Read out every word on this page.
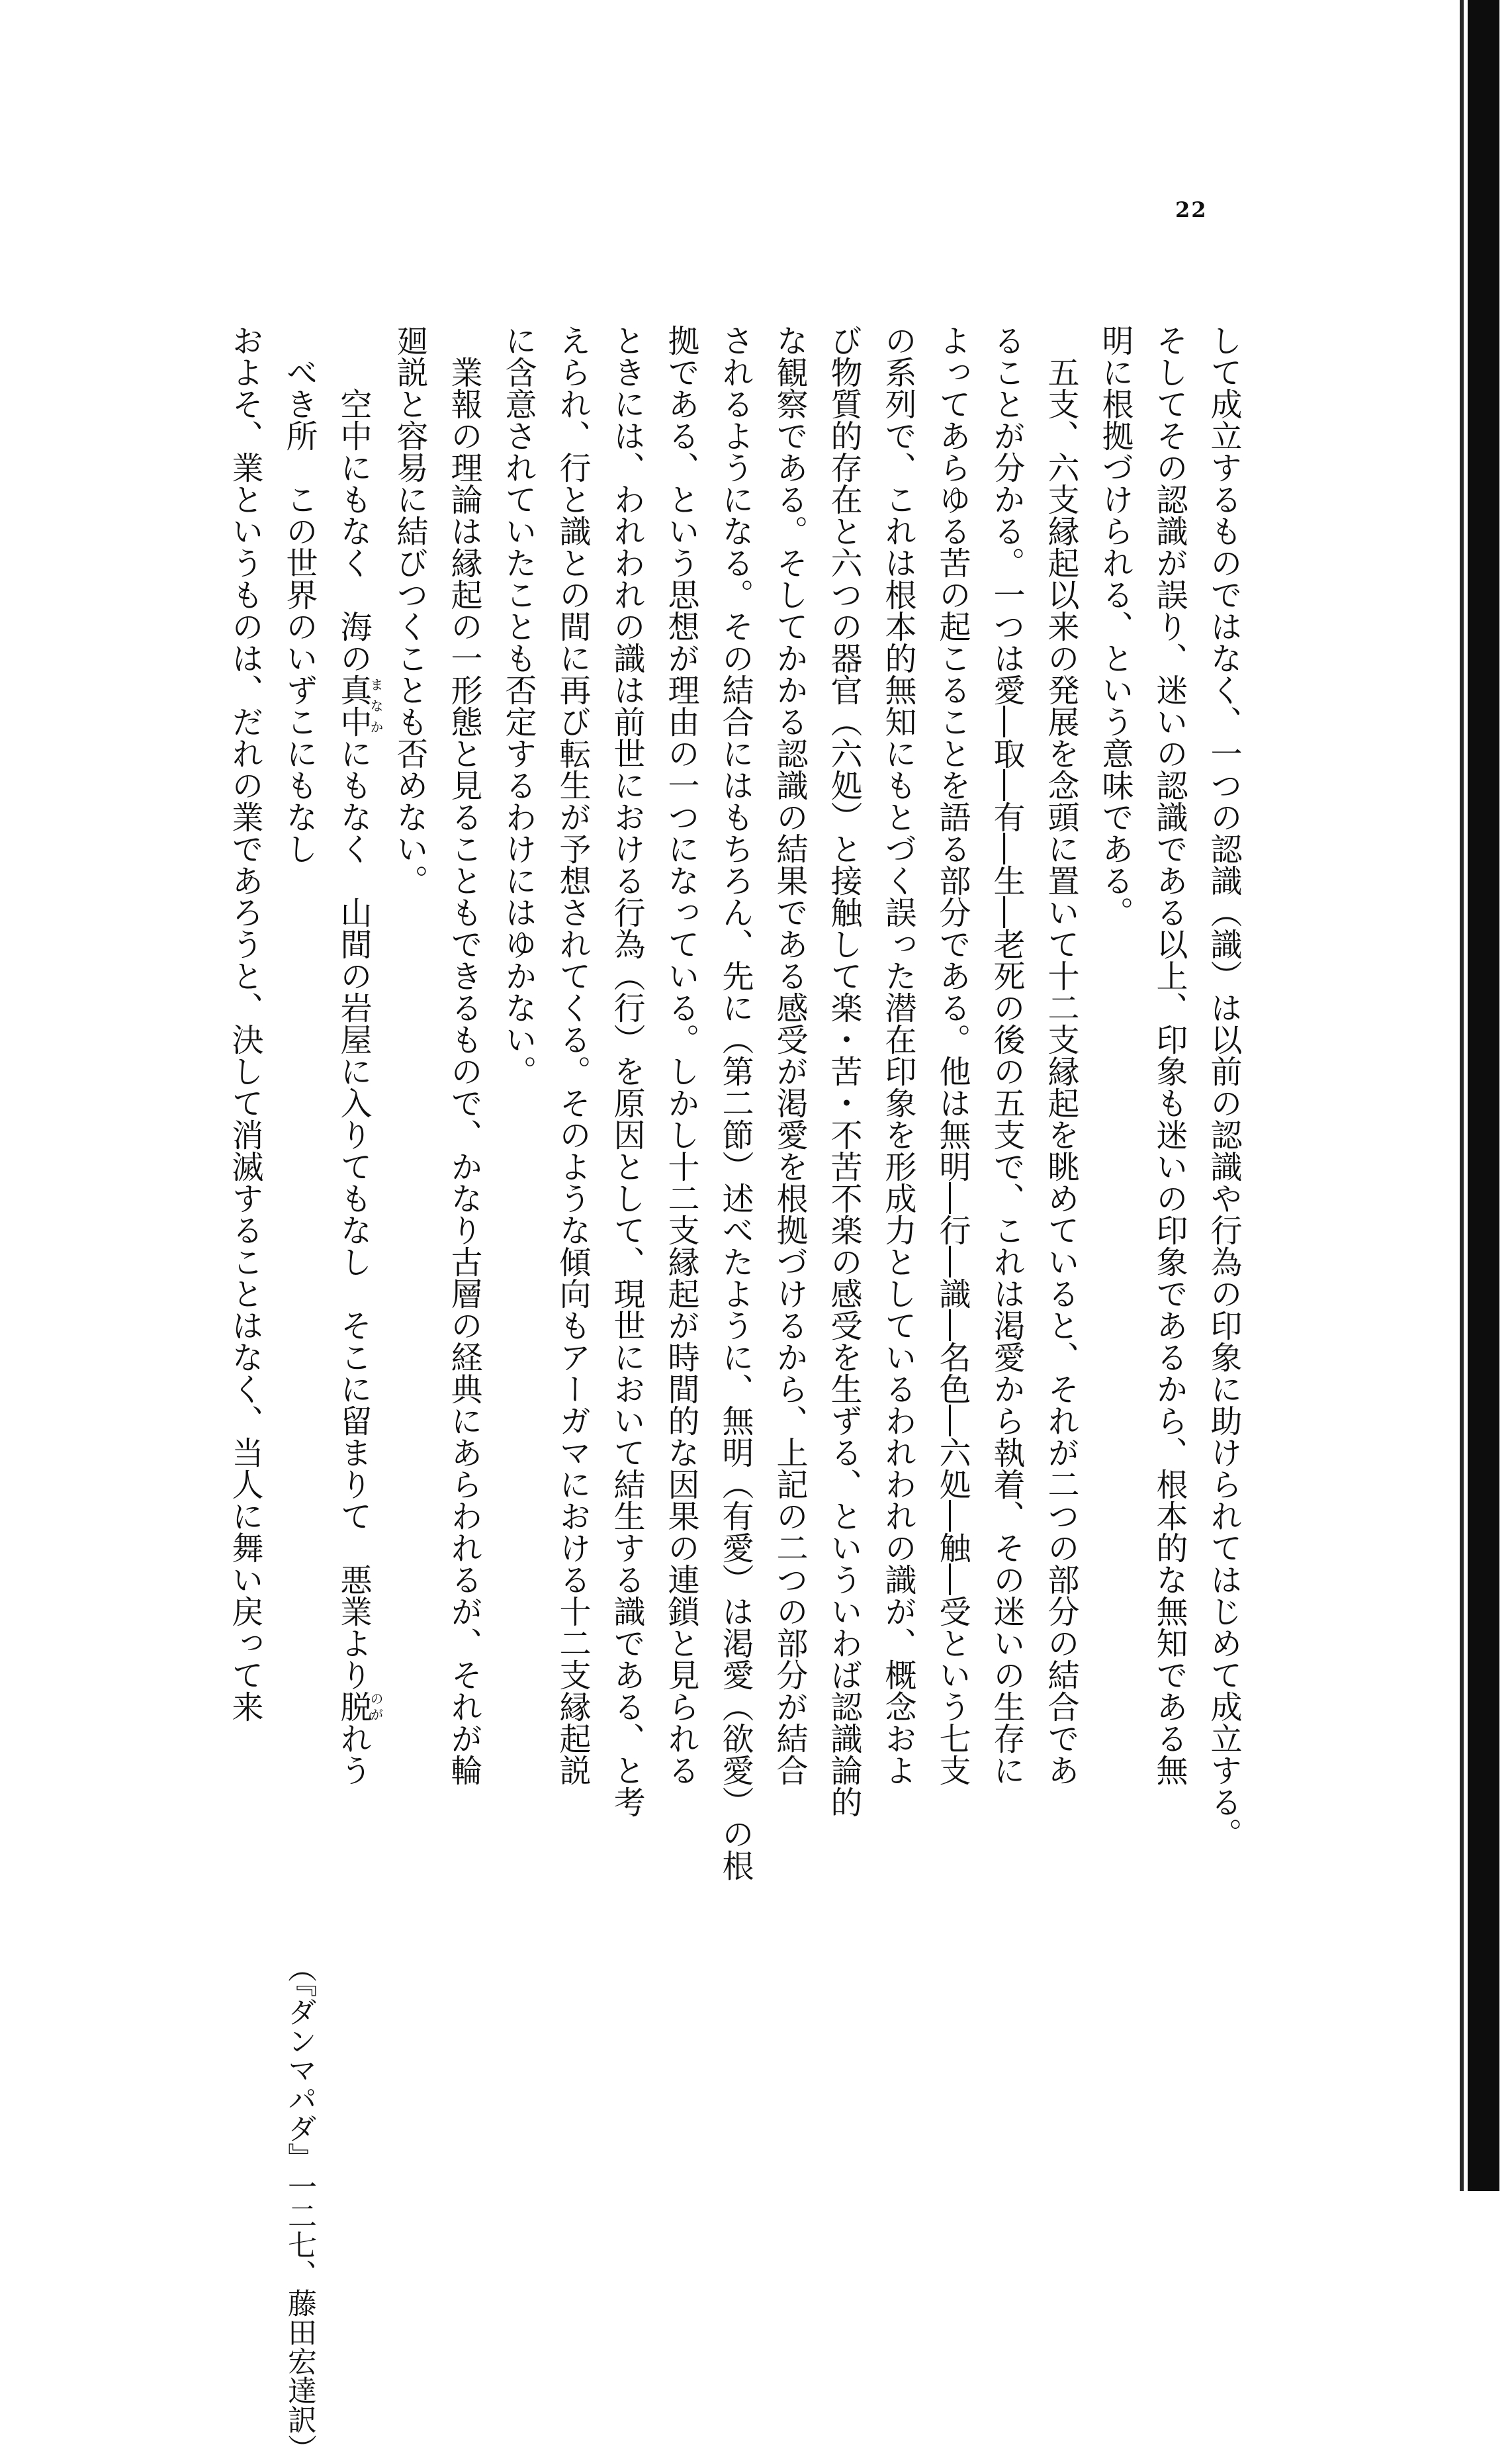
22
して成立するものではなく、一つの認識（識）は以前の認識や行為の印象に助けられてはじめて成立する。
そしてその認識が誤り、迷いの認識である以上、印象も迷いの印象であるから、根本的な無知である無
明に根拠づけられる、という意味である。
五支、六支縁起以来の発展を念頭に置いて十二支縁起を眺めていると、それが二つの部分の結合であ
ることが分かる。一つは愛―取―有―生―老死の後の五支で、これは渇愛から執着、その迷いの生存に
よってあらゆる苦の起こることを語る部分である。他は無明―行―識―名色―六処―触―受という七支
の系列で、これは根本的無知にもとづく誤った潜在印象を形成力としているわれわれの識が、概念およ
び物質的存在と六つの器官（六処）と接触して楽・苦・不苦不楽の感受を生ずる、といういわば認識論的
な観察である。そしてかかる認識の結果である感受が渇愛を根拠づけるから、上記の二つの部分が結合
されるようになる。その結合にはもちろん、先に（第二節）述べたように、無明（有愛）は渇愛（欲愛）の根
拠である、という思想が理由の一つになっている。しかし十二支縁起が時間的な因果の連鎖と見られる
ときには、われわれの識は前世における行為（行）を原因として、現世において結生する識である、と考
えられ、行と識との間に再び転生が予想されてくる。そのような傾向もアーガマにおける十二支縁起説
に含意されていたことも否定するわけにはゆかない。
業報の理論は縁起の一形態と見ることもできるもので、かなり古層の経典にあらわれるが、それが輪
廻説と容易に結びつくことも否めない。
空中にもなく　海の真中まなかにもなく　山間の岩屋に入りてもなし　そこに留まりて　悪業より脱のがれう
べき所　この世界のいずこにもなし（『ダンマパダ』一二七、藤田宏達訳）
およそ、業というものは、だれの業であろうと、決して消滅することはなく、当人に舞い戻って来
